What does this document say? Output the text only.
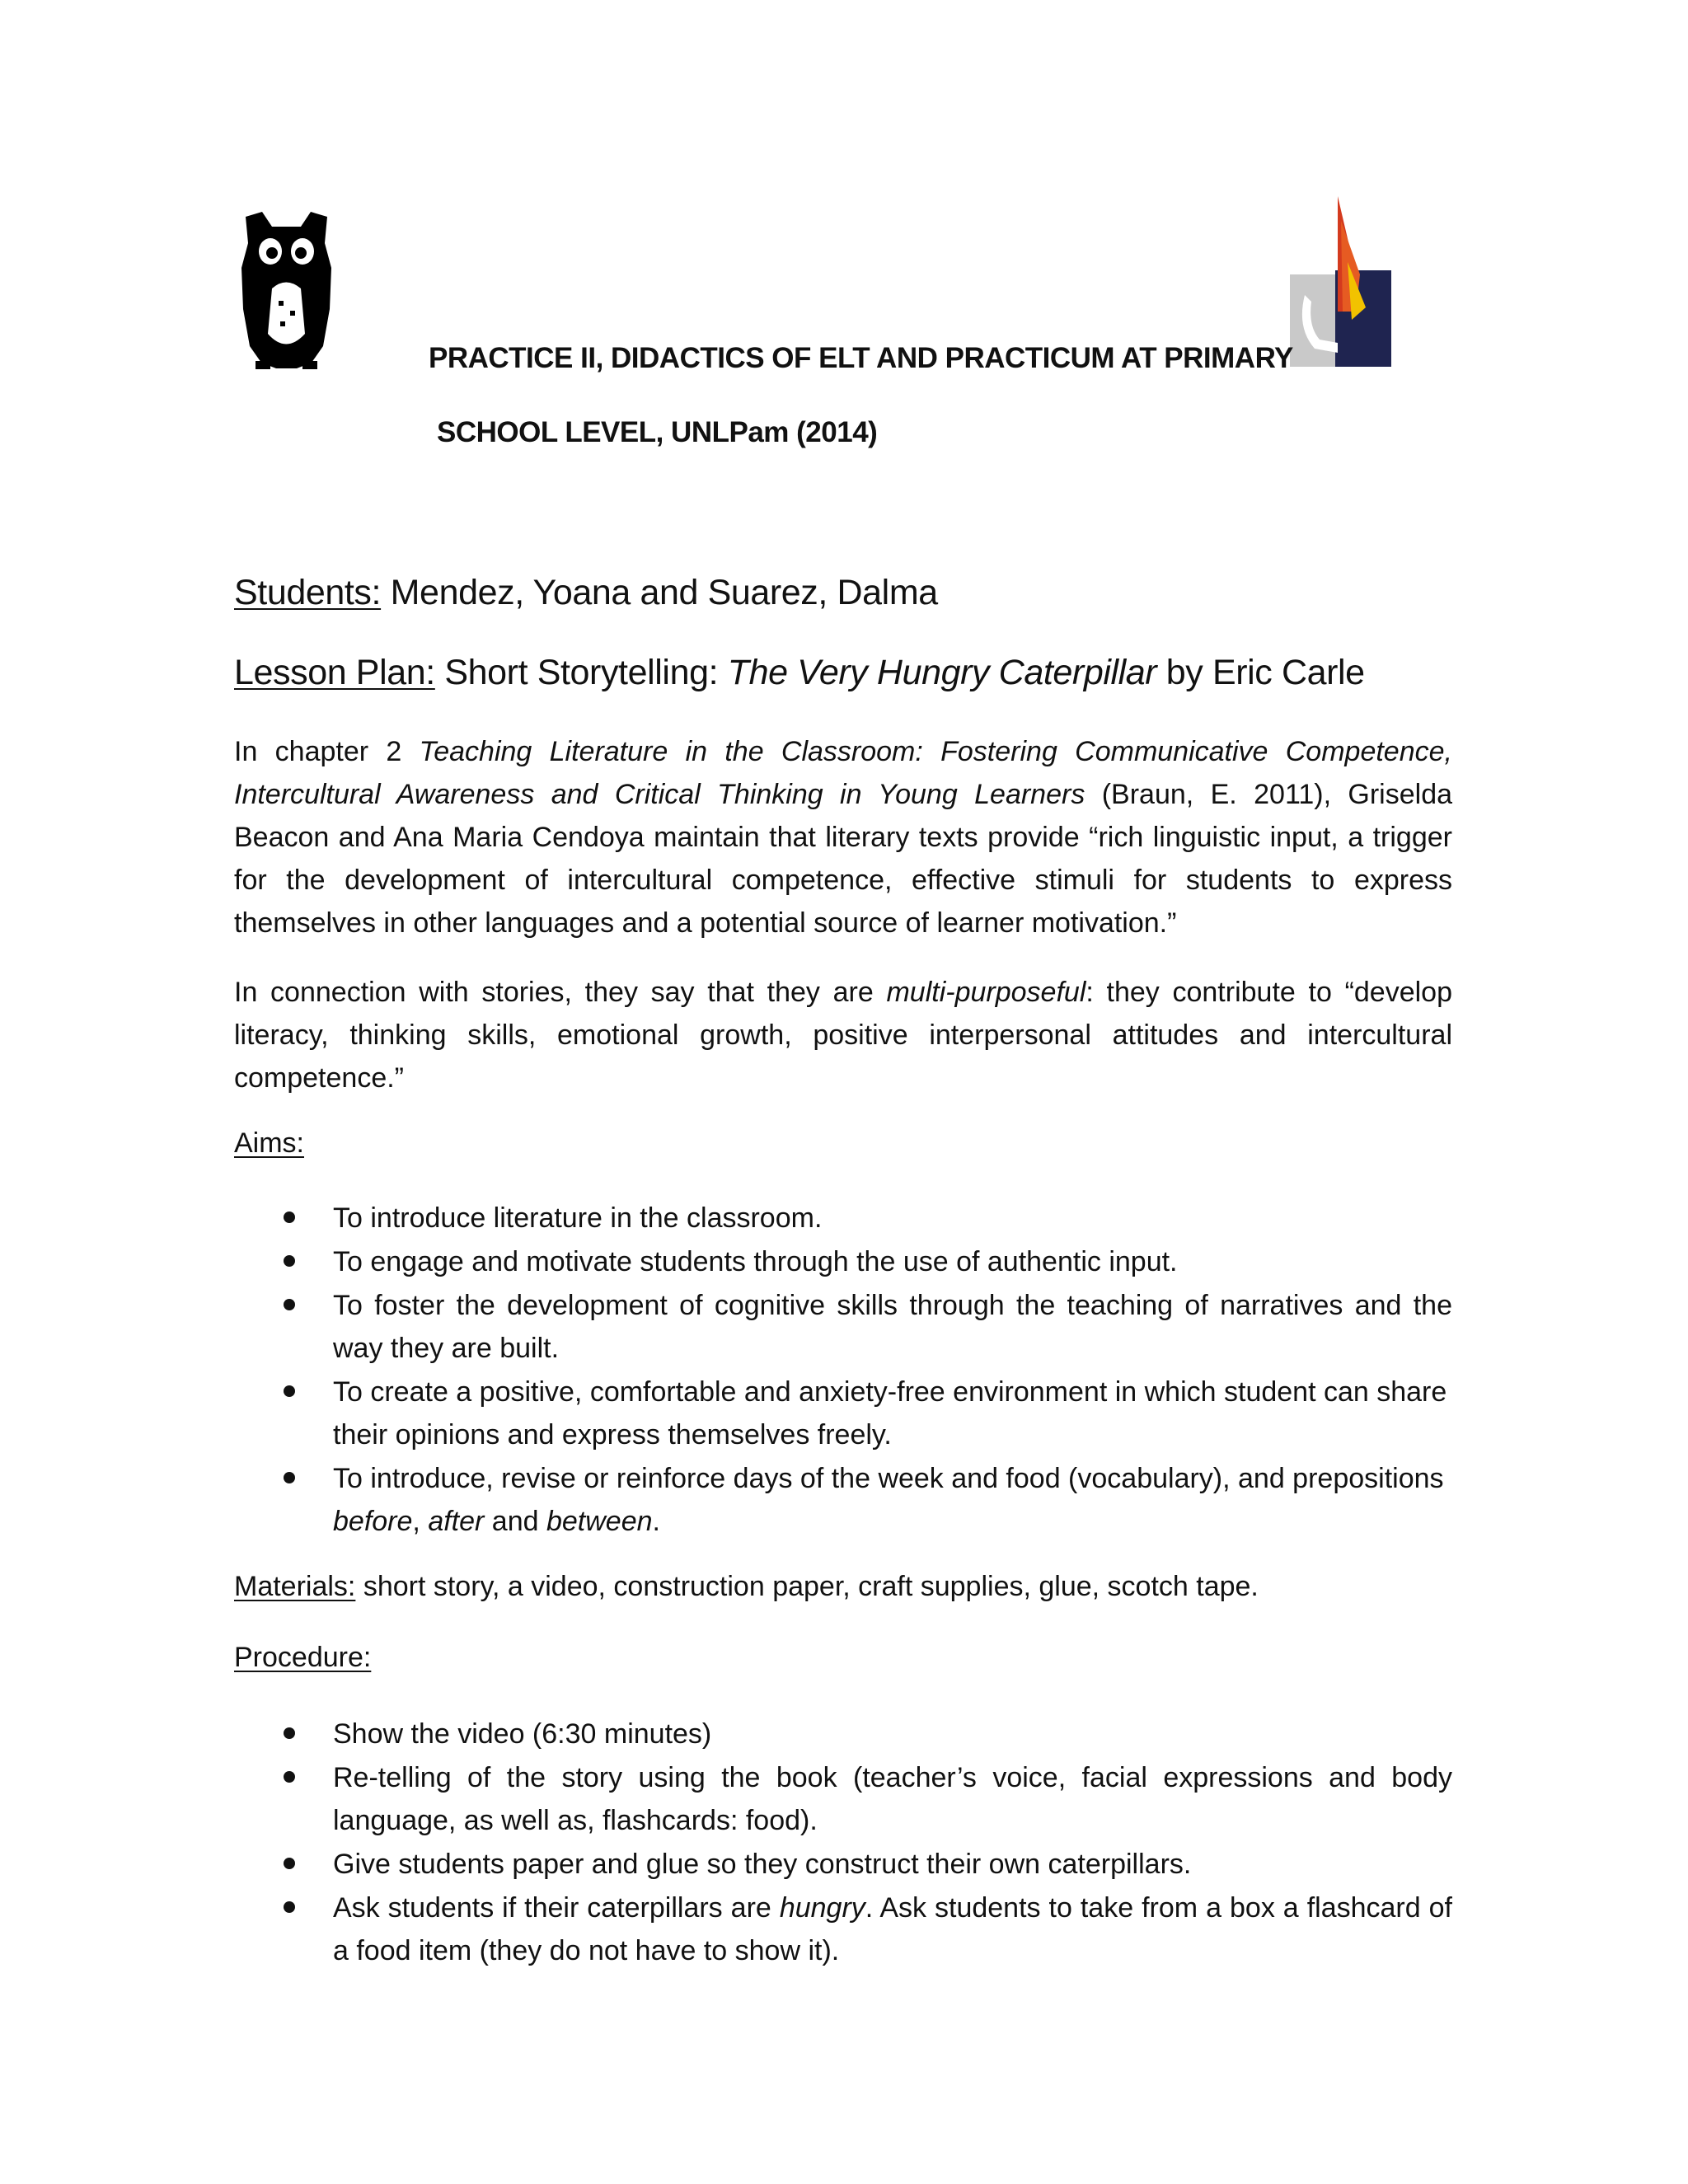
PRACTICE II, DIDACTICS OF ELT AND PRACTICUM AT PRIMARY
SCHOOL LEVEL, UNLPam (2014)
Students: Mendez, Yoana and Suarez, Dalma
Lesson Plan: Short Storytelling: The Very Hungry Caterpillar by Eric Carle
In chapter 2 Teaching Literature in the Classroom: Fostering Communicative Competence, Intercultural Awareness and Critical Thinking in Young Learners (Braun, E. 2011), Griselda Beacon and Ana Maria Cendoya maintain that literary texts provide “rich linguistic input, a trigger for the development of intercultural competence, effective stimuli for students to express themselves in other languages and a potential source of learner motivation.”
In connection with stories, they say that they are multi-purposeful: they contribute to “develop literacy, thinking skills, emotional growth, positive interpersonal attitudes and intercultural competence.”
Aims:
To introduce literature in the classroom.
To engage and motivate students through the use of authentic input.
To foster the development of cognitive skills through the teaching of narratives and the way they are built.
To create a positive, comfortable and anxiety-free environment in which student can share their opinions and express themselves freely.
To introduce, revise or reinforce days of the week and food (vocabulary), and prepositions before, after and between.
Materials: short story, a video, construction paper, craft supplies, glue, scotch tape.
Procedure:
Show the video (6:30 minutes)
Re-telling of the story using the book (teacher’s voice, facial expressions and body language, as well as, flashcards: food).
Give students paper and glue so they construct their own caterpillars.
Ask students if their caterpillars are hungry. Ask students to take from a box a flashcard of a food item (they do not have to show it).
